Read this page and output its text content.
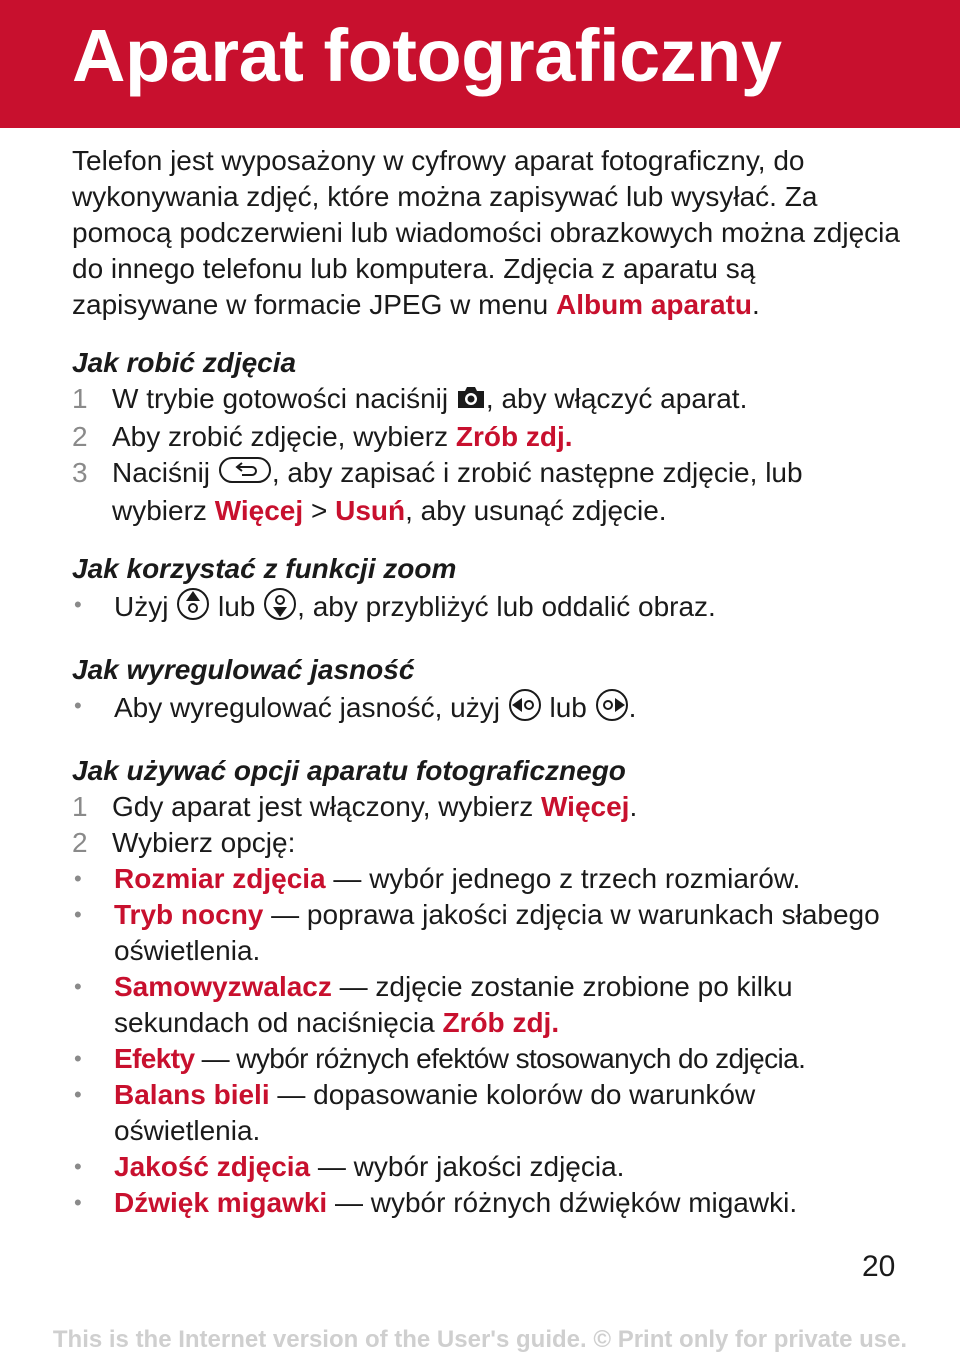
Aparat fotograficzny

Telefon jest wyposażony w cyfrowy aparat fotograficzny, do wykonywania zdjęć, które można zapisywać lub wysyłać. Za pomocą podczerwieni lub wiadomości obrazkowych można zdjęcia do innego telefonu lub komputera. Zdjęcia z aparatu są zapisywane w formacie JPEG w menu Album aparatu.

Jak robić zdjęcia

1 W trybie gotowości naciśnij , aby włączyć aparat.
2 Aby zrobić zdjęcie, wybierz Zrób zdj.
3 Naciśnij , aby zapisać i zrobić następne zdjęcie, lub wybierz Więcej > Usuń, aby usunąć zdjęcie.

Jak korzystać z funkcji zoom

•	Użyj  lub , aby przybliżyć lub oddalić obraz.

Jak wyregulować jasność

•	Aby wyregulować jasność, użyj  lub .

Jak używać opcji aparatu fotograficznego

1 Gdy aparat jest włączony, wybierz Więcej.
2 Wybierz opcję:
•	Rozmiar zdjęcia — wybór jednego z trzech rozmiarów.
•	Tryb nocny — poprawa jakości zdjęcia w warunkach słabego oświetlenia.
•	Samowyzwalacz — zdjęcie zostanie zrobione po kilku sekundach od naciśnięcia Zrób zdj.
•	Efekty — wybór różnych efektów stosowanych do zdjęcia.
•	Balans bieli — dopasowanie kolorów do warunków oświetlenia.
•	Jakość zdjęcia — wybór jakości zdjęcia.
•	Dźwięk migawki — wybór różnych dźwięków migawki.
20
This is the Internet version of the User's guide. © Print only for private use.
